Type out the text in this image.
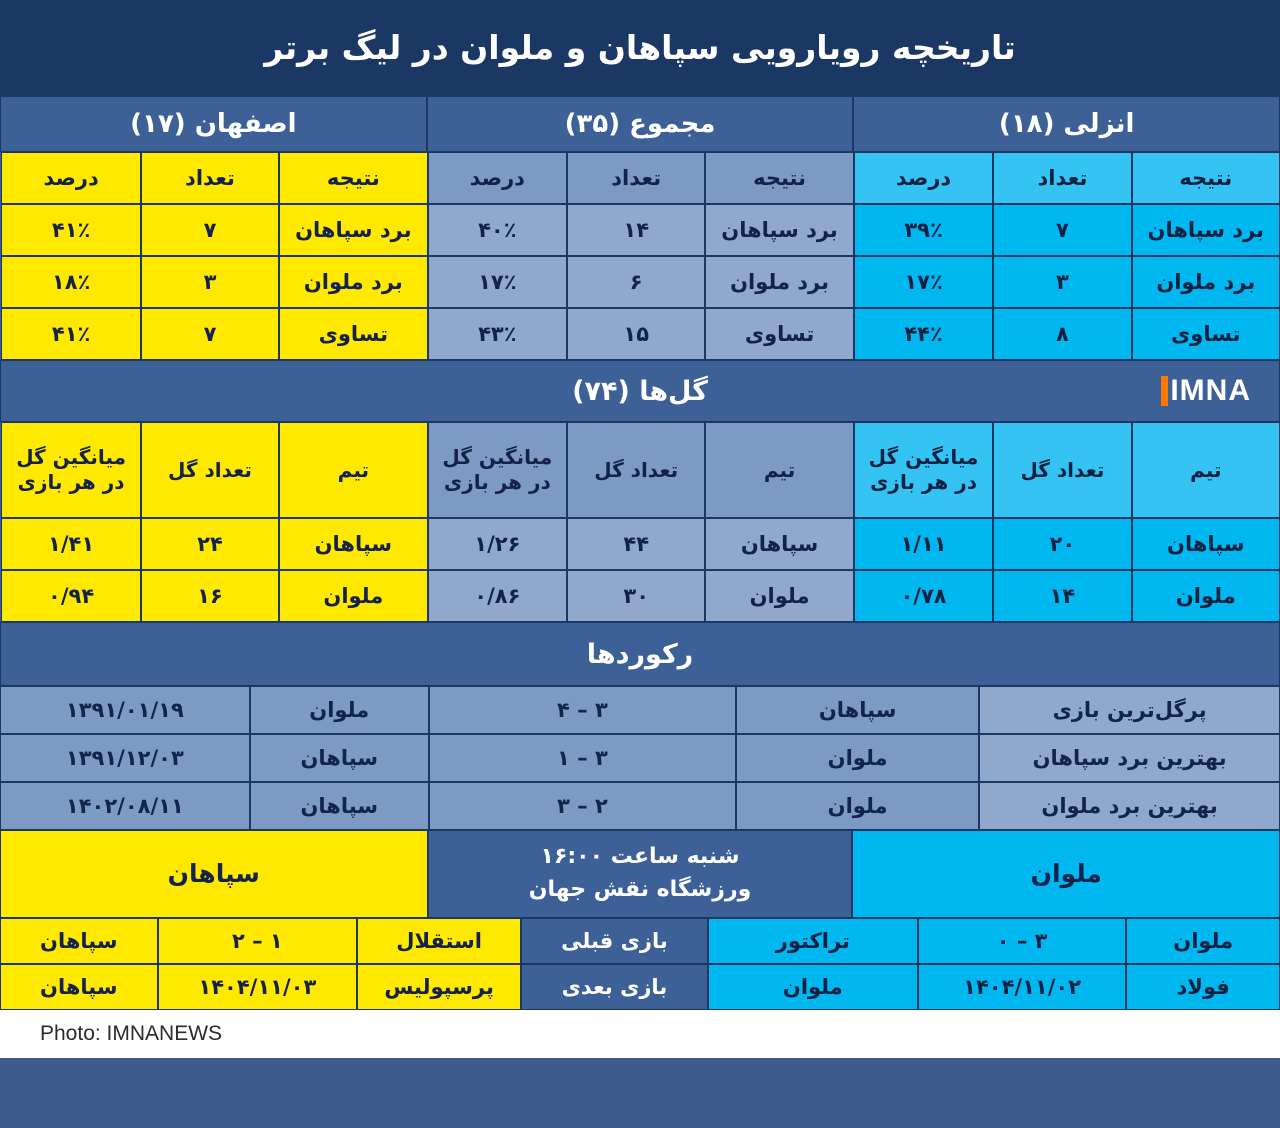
تاریخچه رویارویی سپاهان و ملوان در لیگ برتر
انزلی (۱۸)
مجموع (۳۵)
اصفهان (۱۷)
نتیجه
تعداد
درصد
نتیجه
تعداد
درصد
نتیجه
تعداد
درصد
برد سپاهان
۷
۳۹٪
برد سپاهان
۱۴
۴۰٪
برد سپاهان
۷
۴۱٪
برد ملوان
۳
۱۷٪
برد ملوان
۶
۱۷٪
برد ملوان
۳
۱۸٪
تساوی
۸
۴۴٪
تساوی
۱۵
۴۳٪
تساوی
۷
۴۱٪
گل‌ها (۷۴)	IMNA
تیم
تعداد گل
میانگین گل در هر بازی
تیم
تعداد گل
میانگین گل در هر بازی
تیم
تعداد گل
میانگین گل در هر بازی
سپاهان
۲۰
۱/۱۱
سپاهان
۴۴
۱/۲۶
سپاهان
۲۴
۱/۴۱
ملوان
۱۴
۰/۷۸
ملوان
۳۰
۰/۸۶
ملوان
۱۶
۰/۹۴
رکوردها
پرگل‌ترین بازی
سپاهان
۳ – ۴
ملوان
۱۳۹۱/۰۱/۱۹
بهترین برد سپاهان
ملوان
۳ – ۱
سپاهان
۱۳۹۱/۱۲/۰۳
بهترین برد ملوان
ملوان
۲ – ۳
سپاهان
۱۴۰۲/۰۸/۱۱
ملوان
شنبه ساعت ۱۶:۰۰
ورزشگاه نقش جهان
سپاهان
ملوان
۳ – ۰
تراکتور
بازی قبلی
استقلال
۱ – ۲
سپاهان
فولاد
۱۴۰۴/۱۱/۰۲
ملوان
بازی بعدی
پرسپولیس
۱۴۰۴/۱۱/۰۳
سپاهان
Photo: IMNANEWS
